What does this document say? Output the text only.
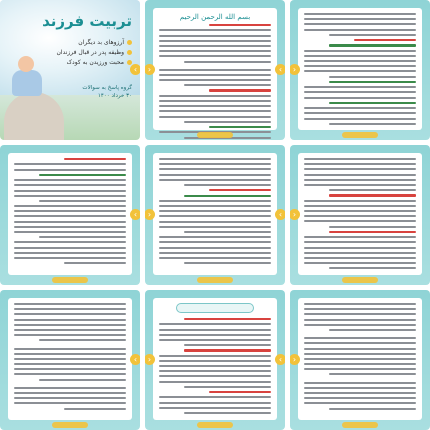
تربیت فرزند
آرزوهای بد دیگران
وظیفه پدر در قبال فرزندان
محبت ورزیدن به کودک
گروه پاسخ به سوالات
۳۰ خرداد ۱۴۰۰
‹
بسم الله الرحمن الرحیم
›	‹	›
‹	›	‹	›
‹	›	‹	›
